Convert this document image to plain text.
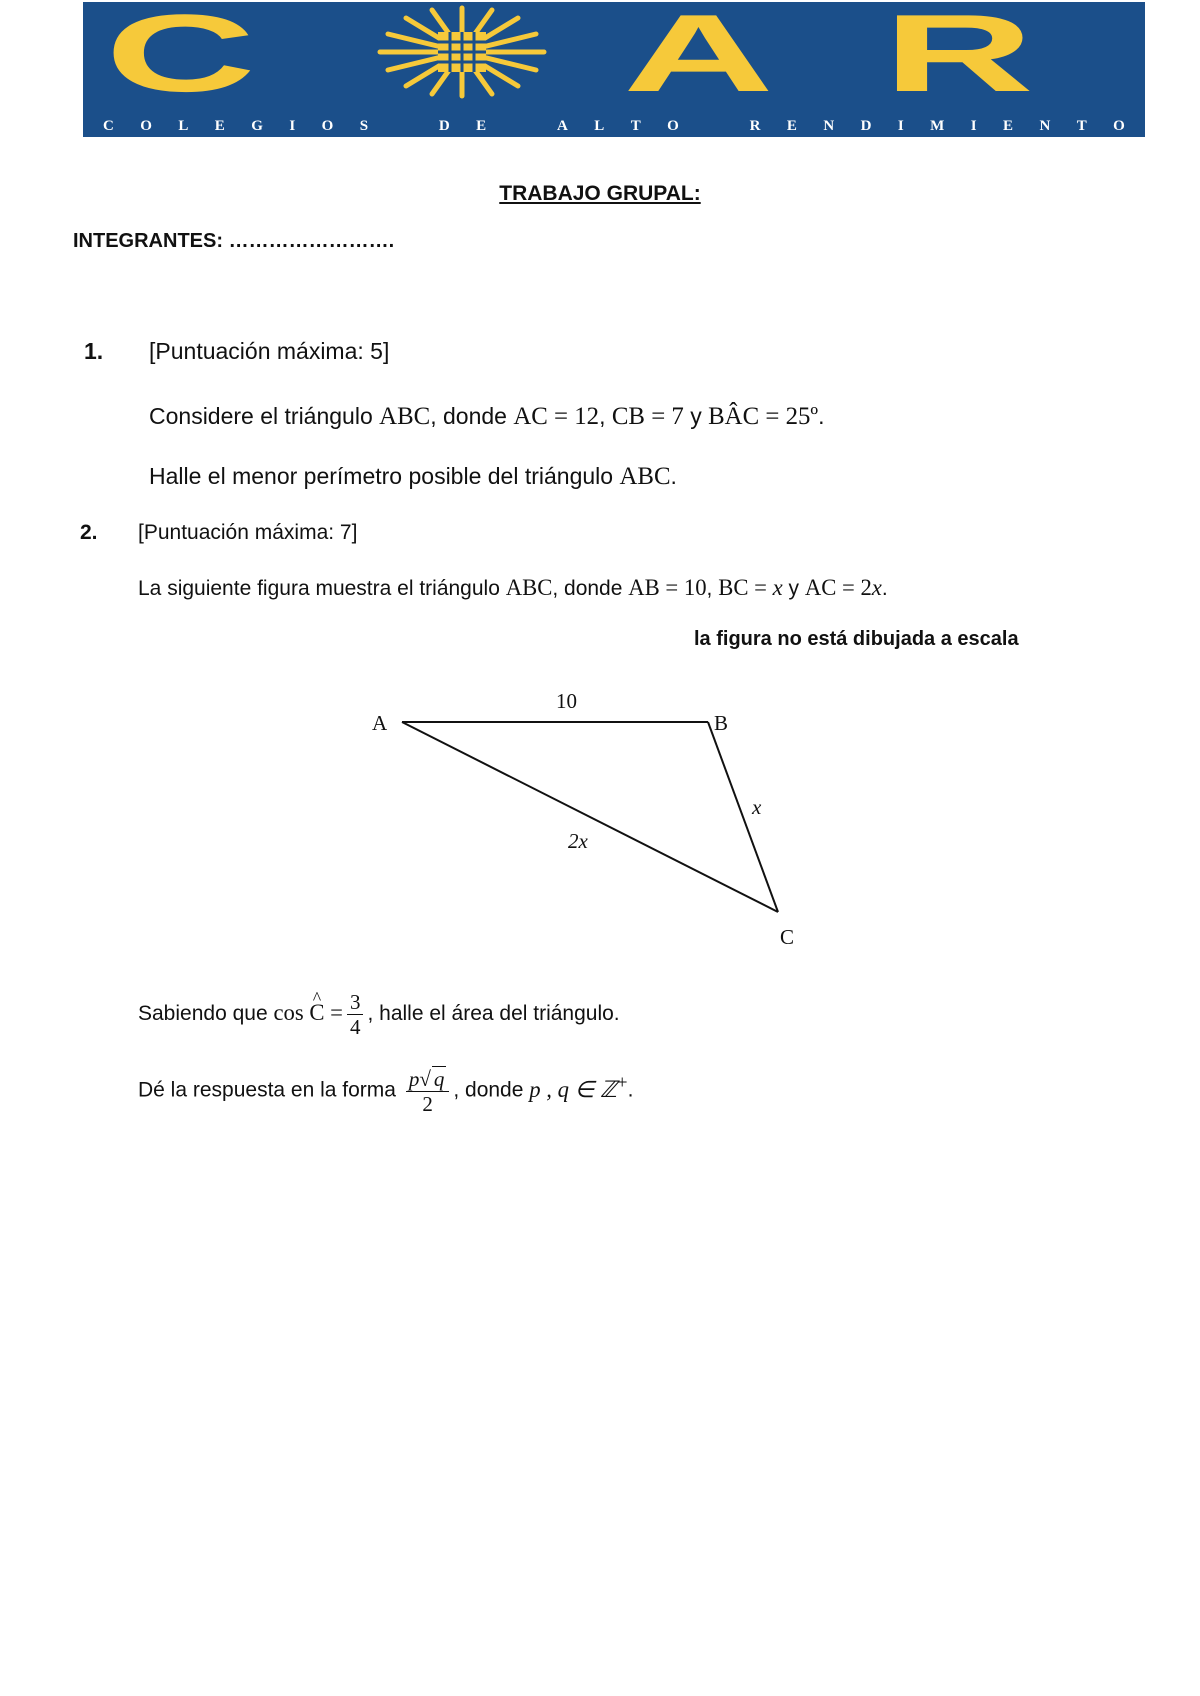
C	A R
C O L E G I O S
	D E
	A L T O
	R E N D I M I E N T O
TRABAJO GRUPAL:
INTEGRANTES: …………………….
1. [Puntuación máxima: 5]
Considere el triángulo ABC, donde AC = 12, CB = 7 y BÂC = 25º.
Halle el menor perímetro posible del triángulo ABC.
2. [Puntuación máxima: 7]
La siguiente figura muestra el triángulo ABC, donde AB = 10, BC = x y AC = 2x.
la figura no está dibujada a escala
A	B
C
10
x
2x
Sabiendo que cos ^ $C = \frac{3}{4}$ , halle el área del triángulo.
Dé la respuesta en la forma $\frac{p√ q}{2}$ , donde p , q ∈ ℤ+.
